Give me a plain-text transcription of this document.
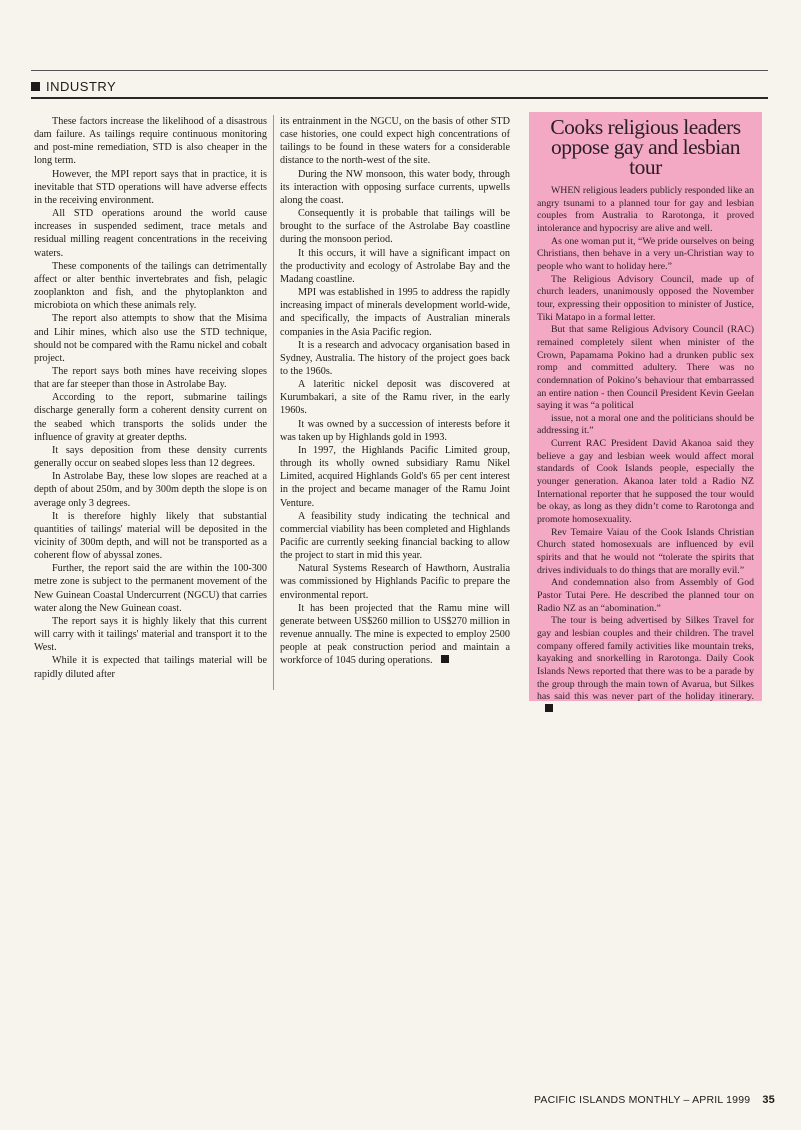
INDUSTRY

These factors increase the likelihood of a disastrous dam failure. As tailings require continuous monitoring and post-mine remediation, STD is also cheaper in the long term.

However, the MPI report says that in practice, it is inevitable that STD operations will have adverse effects in the receiving environment.

All STD operations around the world cause increases in suspended sediment, trace metals and residual milling reagent concentrations in the receiving waters.

These components of the tailings can detrimentally affect or alter benthic invertebrates and fish, pelagic zooplankton and fish, and the phytoplankton and microbiota on which these animals rely.

The report also attempts to show that the Misima and Lihir mines, which also use the STD technique, should not be compared with the Ramu nickel and cobalt project.

The report says both mines have receiving slopes that are far steeper than those in Astrolabe Bay.

According to the report, submarine tailings discharge generally form a coherent density current on the seabed which transports the solids under the influence of gravity at greater depths.

It says deposition from these density currents generally occur on seabed slopes less than 12 degrees.

In Astrolabe Bay, these low slopes are reached at a depth of about 250m, and by 300m depth the slope is on average only 3 degrees.

It is therefore highly likely that substantial quantities of tailings' material will be deposited in the vicinity of 300m depth, and will not be transported as a coherent flow of abyssal zones.

Further, the report said the are within the 100-300 metre zone is subject to the permanent movement of the New Guinean Coastal Undercurrent (NGCU) that carries water along the New Guinean coast.

The report says it is highly likely that this current will carry with it tailings' material and transport it to the West.

While it is expected that tailings material will be rapidly diluted after

its entrainment in the NGCU, on the basis of other STD case histories, one could expect high concentrations of tailings to be found in these waters for a considerable distance to the north-west of the site.

During the NW monsoon, this water body, through its interaction with opposing surface currents, upwells along the coast.

Consequently it is probable that tailings will be brought to the surface of the Astrolabe Bay coastline during the monsoon period.

It this occurs, it will have a significant impact on the productivity and ecology of Astrolabe Bay and the Madang coastline.

MPI was established in 1995 to address the rapidly increasing impact of minerals development world-wide, and specifically, the impacts of Australian minerals companies in the Asia Pacific region.

It is a research and advocacy organisation based in Sydney, Australia. The history of the project goes back to the 1960s.

A lateritic nickel deposit was discovered at Kurumbakari, a site of the Ramu river, in the early 1960s.

It was owned by a succession of interests before it was taken up by Highlands gold in 1993.

In 1997, the Highlands Pacific Limited group, through its wholly owned subsidiary Ramu Nikel Limited, acquired Highlands Gold's 65 per cent interest in the project and became manager of the Ramu Joint Venture.

A feasibility study indicating the technical and commercial viability has been completed and Highlands Pacific are currently seeking financial backing to allow the project to start in mid this year.

Natural Systems Research of Hawthorn, Australia was commissioned by Highlands Pacific to prepare the environmental report.

It has been projected that the Ramu mine will generate between US$260 million to US$270 million in revenue annually. The mine is expected to employ 2500 people at peak construction period and maintain a workforce of 1045 during operations.

Cooks religious leaders oppose gay and lesbian tour

WHEN religious leaders publicly responded like an angry tsunami to a planned tour for gay and lesbian couples from Australia to Rarotonga, it proved intolerance and hypocrisy are alive and well.

As one woman put it, “We pride ourselves on being Christians, then behave in a very un-Christian way to people who want to holiday here.”

The Religious Advisory Council, made up of church leaders, unanimously opposed the November tour, expressing their opposition to minister of Justice, Tiki Matapo in a formal letter.

But that same Religious Advisory Council (RAC) remained completely silent when minister of the Crown, Papamama Pokino had a drunken public sex romp and committed adultery. There was no condemnation of Pokino’s behaviour that embarrassed an entire nation - then Council President Kevin Geelan saying it was “a political

issue, not a moral one and the politicians should be addressing it.”

Current RAC President David Akanoa said they believe a gay and lesbian week would affect moral standards of Cook Islands people, especially the younger generation. Akanoa later told a Radio NZ International reporter that he supposed the tour would be okay, as long as they didn’t come to Rarotonga and promote homosexuality.

Rev Temaire Vaiau of the Cook Islands Christian Church stated homosexuals are influenced by evil spirits and that he would not “tolerate the spirits that drives individuals to do things that are morally evil.”

And condemnation also from Assembly of God Pastor Tutai Pere. He described the planned tour on Radio NZ as an “abomination.”

The tour is being advertised by Silkes Travel for gay and lesbian couples and their children. The travel company offered family activities like mountain treks, kayaking and snorkelling in Rarotonga. Daily Cook Islands News reported that there was to be a parade by the group through the main town of Avarua, but Silkes has said this was never part of the holiday itinerary.

PACIFIC ISLANDS MONTHLY – APRIL 1999 35
